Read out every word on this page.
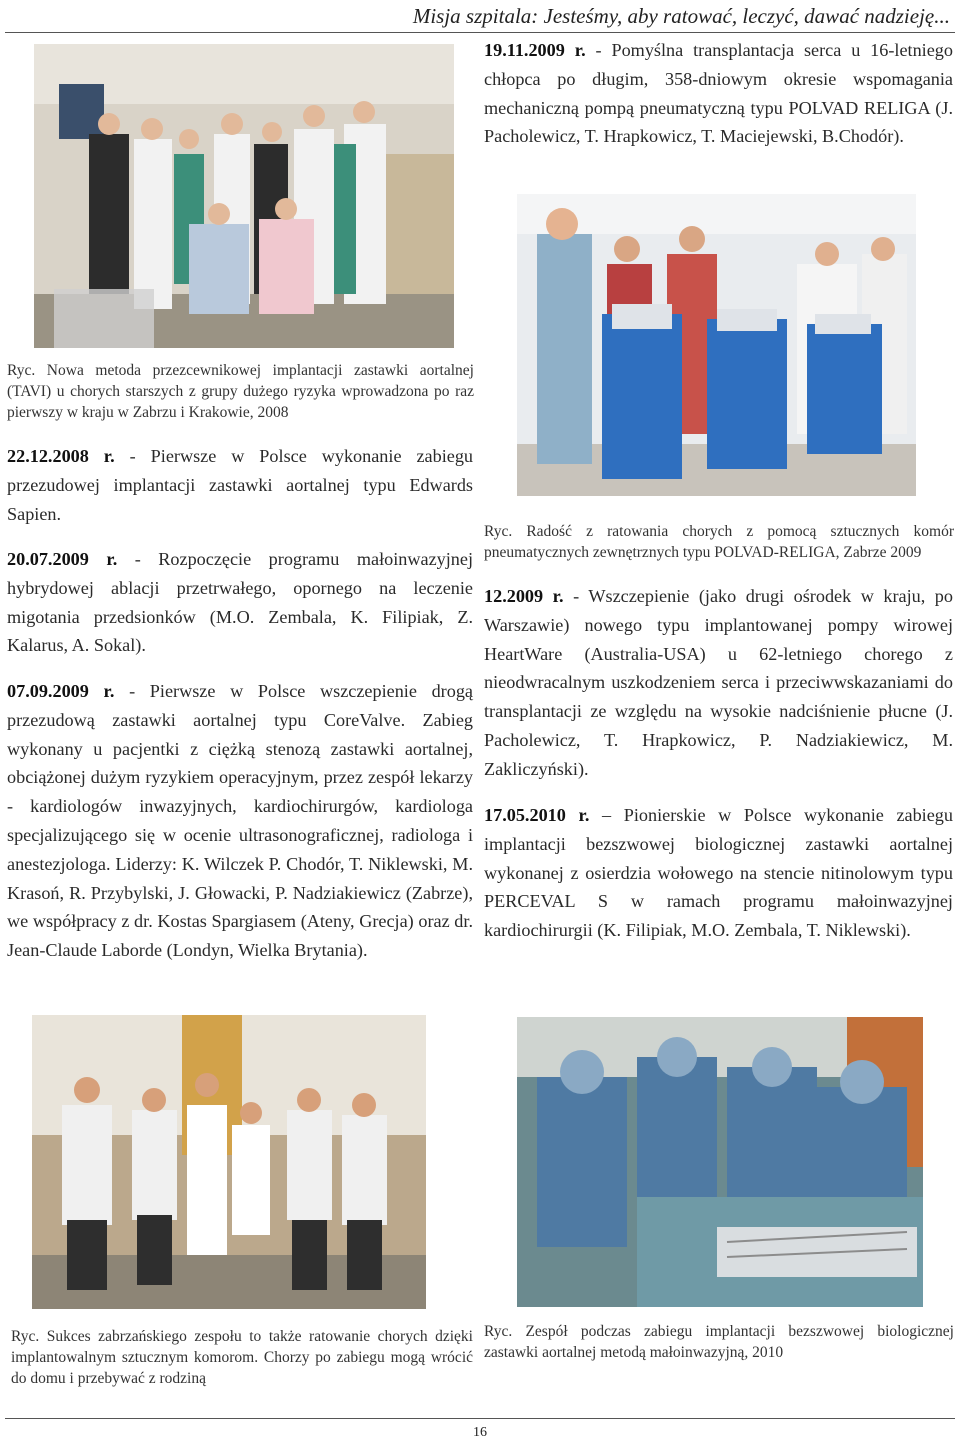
Misja szpitala: Jesteśmy, aby ratować, leczyć, dawać nadzieję...
Ryc. Nowa metoda przezcewnikowej implantacji zastawki aortalnej (TAVI) u chorych starszych z grupy dużego ryzyka wprowadzona po raz pierwszy w kraju w Zabrzu i Krakowie, 2008
22.12.2008 r. - Pierwsze w Polsce wykonanie zabiegu przezudowej implantacji zastawki aortalnej typu Edwards Sapien.
20.07.2009 r. - Rozpoczęcie programu małoinwazyjnej hybrydowej ablacji przetrwałego, opornego na leczenie migotania przedsionków (M.O. Zembala, K. Filipiak, Z. Kalarus, A. Sokal).
07.09.2009 r. - Pierwsze w Polsce wszczepienie drogą przezudową zastawki aortalnej typu CoreValve. Zabieg wykonany u pacjentki z ciężką stenozą zastawki aortalnej, obciążonej dużym ryzykiem operacyjnym, przez zespół lekarzy - kardiologów inwazyjnych, kardiochirurgów, kardiologa specjalizującego się w ocenie ultrasonograficznej, radiologa i anestezjologa. Liderzy: K. Wilczek P. Chodór, T. Niklewski, M. Krasoń, R. Przybylski, J. Głowacki, P. Nadziakiewicz (Zabrze), we współpracy z dr. Kostas Spargiasem (Ateny, Grecja) oraz dr. Jean-Claude Laborde (Londyn, Wielka Brytania).
19.11.2009 r. - Pomyślna transplantacja serca u 16-letniego chłopca po długim, 358-dniowym okresie wspomagania mechaniczną pompą pneumatyczną typu POLVAD RELIGA (J. Pacholewicz, T. Hrapkowicz, T. Maciejewski, B.Chodór).
Ryc. Radość z ratowania chorych z pomocą sztucznych komór pneumatycznych zewnętrznych typu POLVAD-RELIGA, Zabrze 2009
12.2009 r. - Wszczepienie (jako drugi ośrodek w kraju, po Warszawie) nowego typu implantowanej pompy wirowej HeartWare (Australia-USA) u 62-letniego chorego z nieodwracalnym uszkodzeniem serca i przeciwwskazaniami do transplantacji ze względu na wysokie nadciśnienie płucne (J. Pacholewicz, T. Hrapkowicz, P. Nadziakiewicz, M. Zakliczyński).
17.05.2010 r. – Pionierskie w Polsce wykonanie zabiegu implantacji bezszwowej biologicznej zastawki aortalnej wykonanej z osierdzia wołowego na stencie nitinolowym typu PERCEVAL S w ramach programu małoinwazyjnej kardiochirurgii (K. Filipiak, M.O. Zembala, T. Niklewski).
Ryc. Sukces zabrzańskiego zespołu to także ratowanie chorych dzięki implantowalnym sztucznym komorom. Chorzy po zabiegu mogą wrócić do domu i przebywać z rodziną
Ryc. Zespół podczas zabiegu implantacji bezszwowej biologicznej zastawki aortalnej metodą małoinwazyjną, 2010
16
